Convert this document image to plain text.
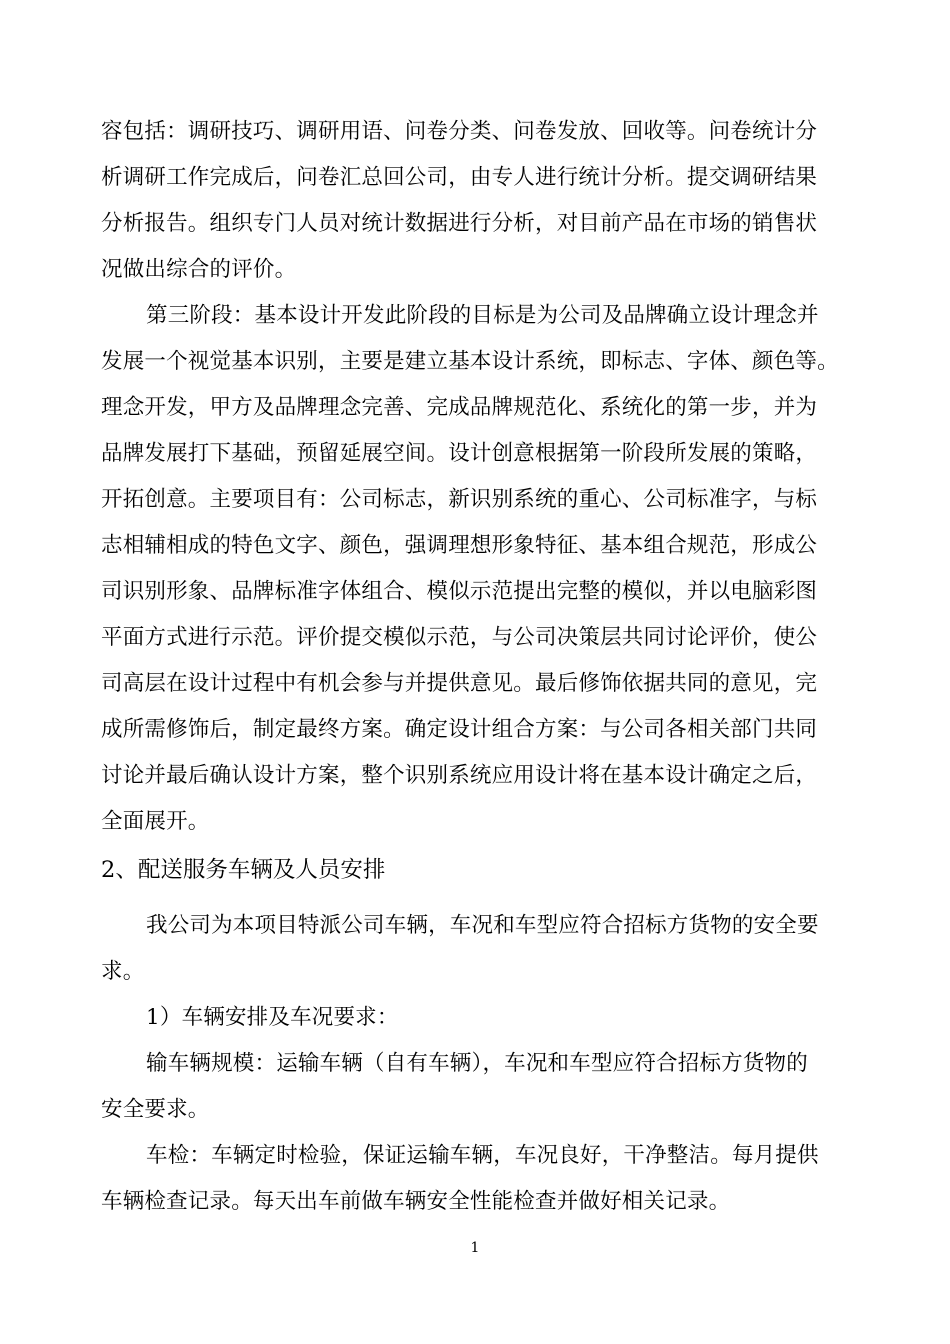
容包括：调研技巧、调研用语、问卷分类、问卷发放、回收等。问卷统计分
析调研工作完成后，问卷汇总回公司，由专人进行统计分析。提交调研结果
分析报告。组织专门人员对统计数据进行分析，对目前产品在市场的销售状
况做出综合的评价。
第三阶段：基本设计开发此阶段的目标是为公司及品牌确立设计理念并
发展一个视觉基本识别，主要是建立基本设计系统，即标志、字体、颜色等。
理念开发，甲方及品牌理念完善、完成品牌规范化、系统化的第一步，并为
品牌发展打下基础，预留延展空间。设计创意根据第一阶段所发展的策略，
开拓创意。主要项目有：公司标志，新识别系统的重心、公司标准字，与标
志相辅相成的特色文字、颜色，强调理想形象特征、基本组合规范，形成公
司识别形象、品牌标准字体组合、模似示范提出完整的模似，并以电脑彩图
平面方式进行示范。评价提交模似示范，与公司决策层共同讨论评价，使公
司高层在设计过程中有机会参与并提供意见。最后修饰依据共同的意见，完
成所需修饰后，制定最终方案。确定设计组合方案：与公司各相关部门共同
讨论并最后确认设计方案，整个识别系统应用设计将在基本设计确定之后，
全面展开。
2、配送服务车辆及人员安排
我公司为本项目特派公司车辆，车况和车型应符合招标方货物的安全要
求。
1）车辆安排及车况要求：
输车辆规模：运输车辆（自有车辆），车况和车型应符合招标方货物的
安全要求。
车检：车辆定时检验，保证运输车辆，车况良好，干净整洁。每月提供
车辆检查记录。每天出车前做车辆安全性能检查并做好相关记录。
1
